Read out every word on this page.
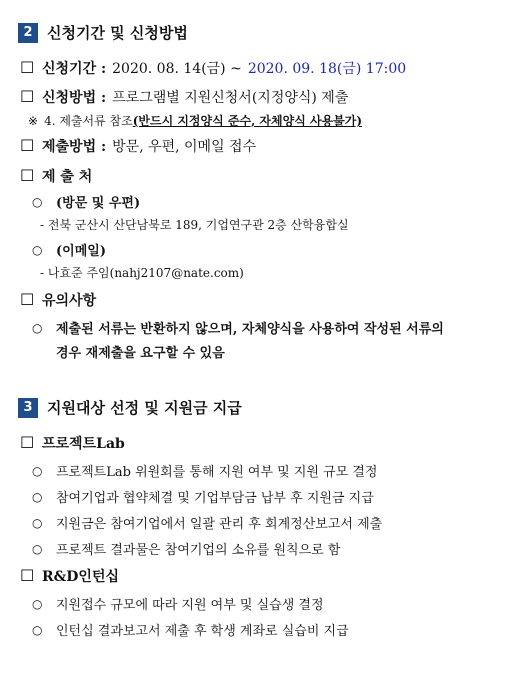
2 신청기간 및 신청방법
☐ 신청기간 : 2020. 08. 14(금) ~ 2020. 09. 18(금) 17:00
☐ 신청방법 : 프로그램별 지원신청서(지정양식) 제출
※ 4. 제출서류 참조 (반드시 지정양식 준수, 자체양식 사용불가)
☐ 제출방법 : 방문, 우편, 이메일 접수
☐ 제 출 처
○	(방문 및 우편)
- 전북 군산시 산단남북로 189, 기업연구관 2층 산학융합실
○	(이메일)
- 나효준 주임(nahj2107@nate.com)
☐ 유의사항
○	제출된 서류는 반환하지 않으며, 자체양식을 사용하여 작성된 서류의
경우 재제출을 요구할 수 있음
3 지원대상 선정 및 지원금 지급
☐ 프로젝트Lab
○	프로젝트Lab 위원회를 통해 지원 여부 및 지원 규모 결정
○	참여기업과 협약체결 및 기업부담금 납부 후 지원금 지급
○	지원금은 참여기업에서 일괄 관리 후 회계정산보고서 제출
○	프로젝트 결과물은 참여기업의 소유를 원칙으로 함
☐ R&D인턴십
○	지원접수 규모에 따라 지원 여부 및 실습생 결정
○	인턴십 결과보고서 제출 후 학생 계좌로 실습비 지급
